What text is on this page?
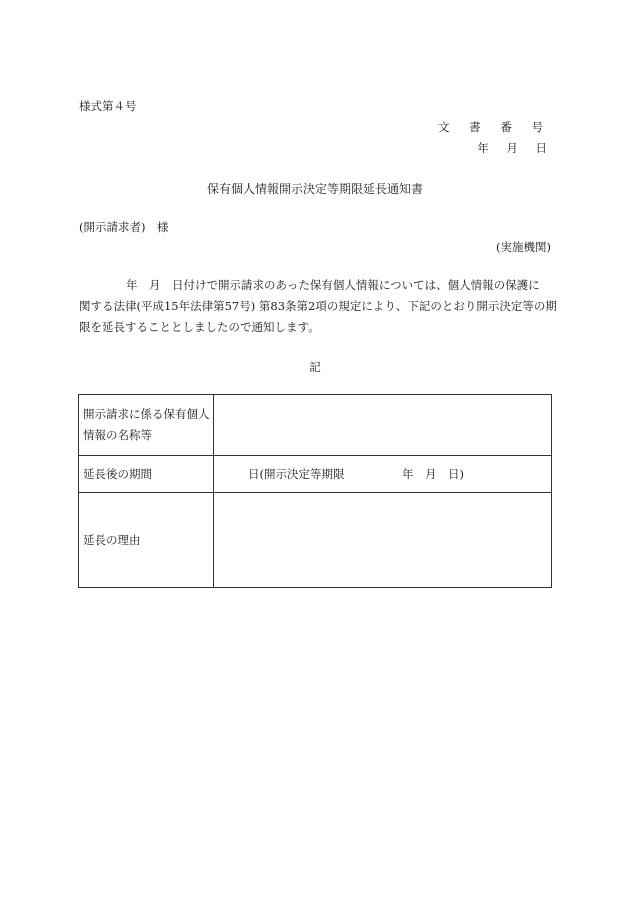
様式第４号
文 書 番 号
年 月 日
保有個人情報開示決定等期限延長通知書
(開示請求者)　様
(実施機関)
年　月　日付けで開示請求のあった保有個人情報については、個人情報の保護に
関する法律(平成15年法律第57号) 第83条第2項の規定により、下記のとおり開示決定等の期
限を延長することとしましたので通知します。
記
開示請求に係る保有個人情報の名称等	
延長後の期間	日(開示決定等期限　　　　　年　月　日)
延長の理由	
